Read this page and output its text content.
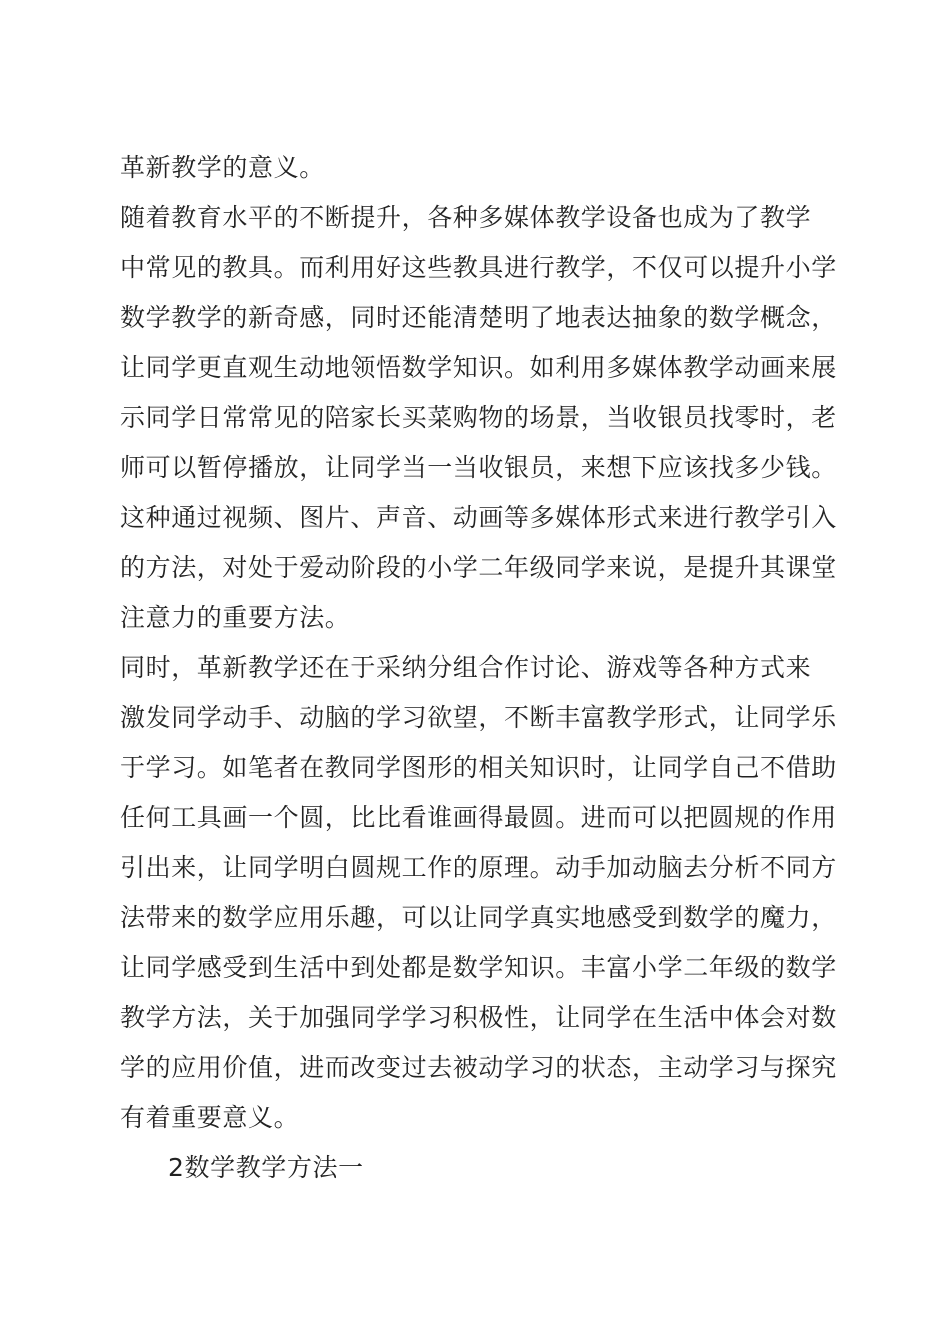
革新教学的意义。
随着教育水平的不断提升，各种多媒体教学设备也成为了教学
中常见的教具。而利用好这些教具进行教学，不仅可以提升小学
数学教学的新奇感，同时还能清楚明了地表达抽象的数学概念，
让同学更直观生动地领悟数学知识。如利用多媒体教学动画来展
示同学日常常见的陪家长买菜购物的场景，当收银员找零时，老
师可以暂停播放，让同学当一当收银员，来想下应该找多少钱。
这种通过视频、图片、声音、动画等多媒体形式来进行教学引入
的方法，对处于爱动阶段的小学二年级同学来说，是提升其课堂
注意力的重要方法。
同时，革新教学还在于采纳分组合作讨论、游戏等各种方式来
激发同学动手、动脑的学习欲望，不断丰富教学形式，让同学乐
于学习。如笔者在教同学图形的相关知识时，让同学自己不借助
任何工具画一个圆，比比看谁画得最圆。进而可以把圆规的作用
引出来，让同学明白圆规工作的原理。动手加动脑去分析不同方
法带来的数学应用乐趣，可以让同学真实地感受到数学的魔力，
让同学感受到生活中到处都是数学知识。丰富小学二年级的数学
教学方法，关于加强同学学习积极性，让同学在生活中体会对数
学的应用价值，进而改变过去被动学习的状态，主动学习与探究
有着重要意义。
2数学教学方法一
